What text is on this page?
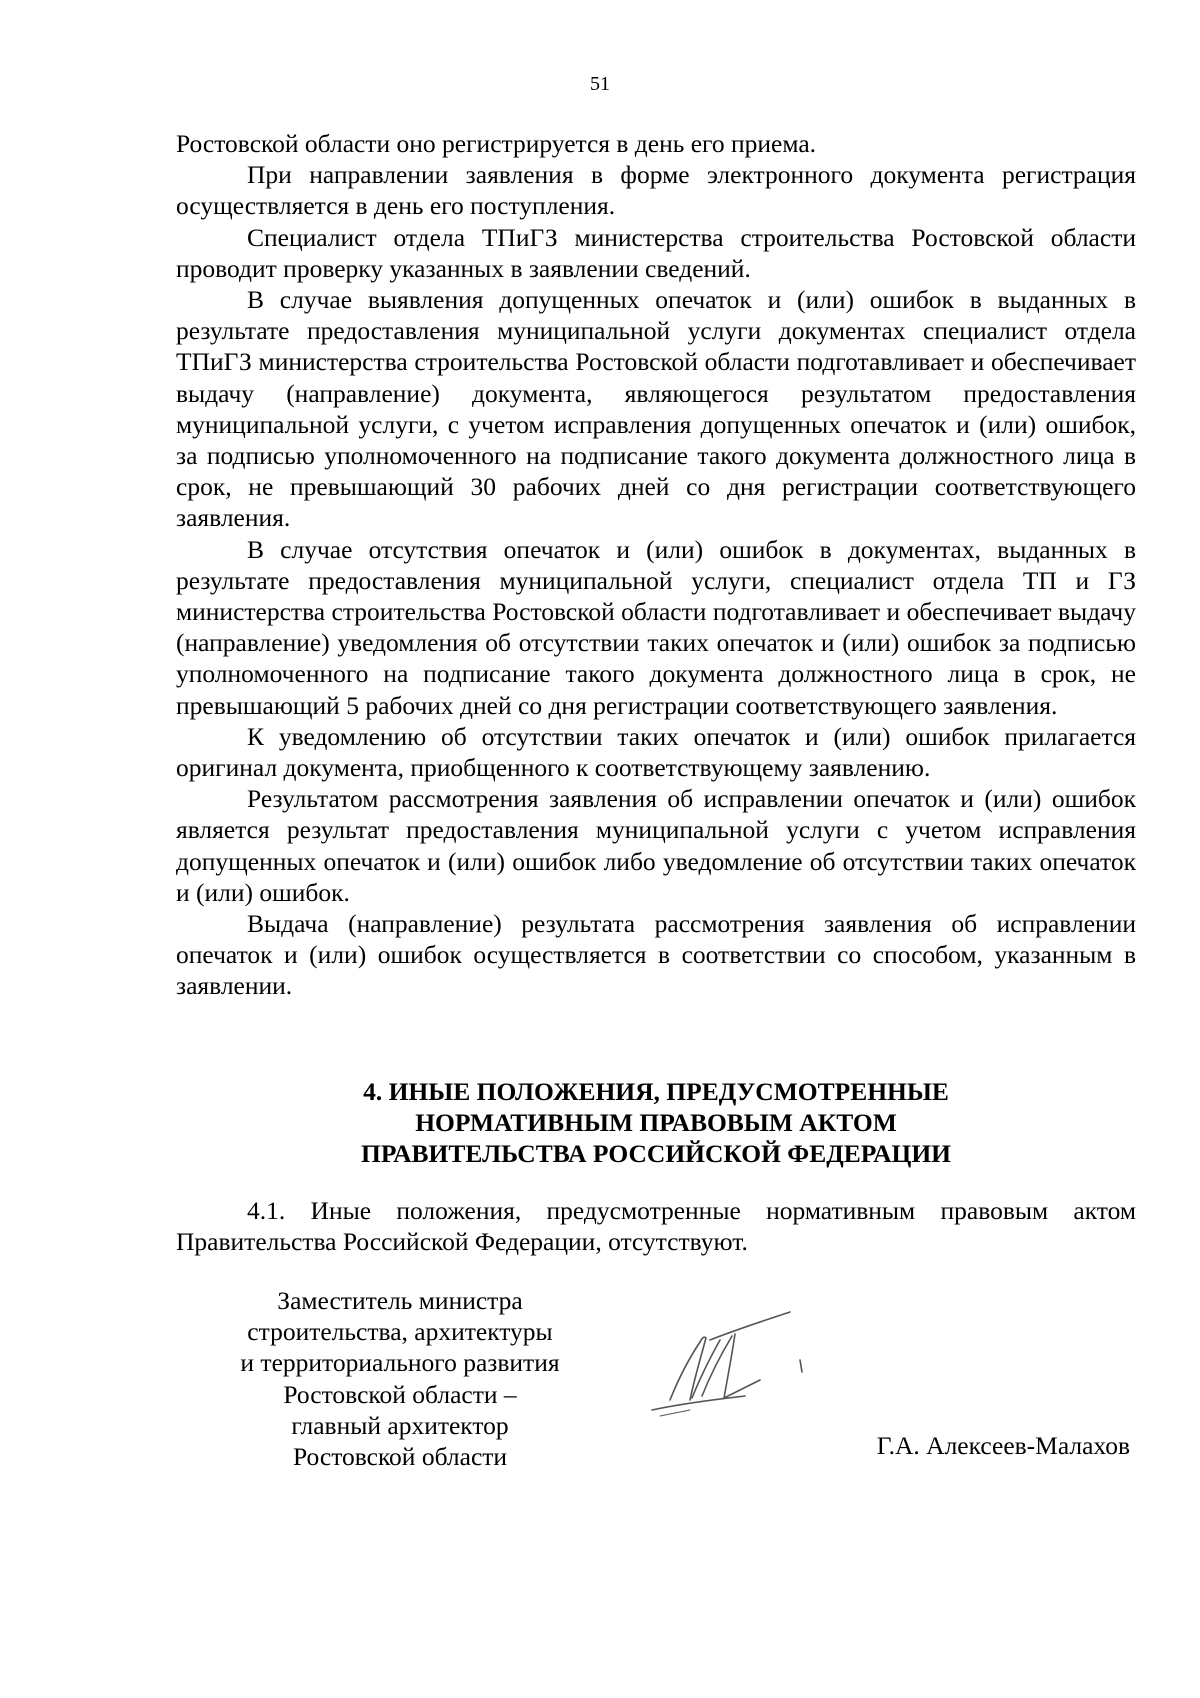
51

Ростовской области оно регистрируется в день его приема.

При направлении заявления в форме электронного документа регистрация осуществляется в день его поступления.

Специалист отдела ТПиГЗ министерства строительства Ростовской области проводит проверку указанных в заявлении сведений.

В случае выявления допущенных опечаток и (или) ошибок в выданных в результате предоставления муниципальной услуги документах специалист отдела ТПиГЗ министерства строительства Ростовской области подготавливает и обеспечивает выдачу (направление) документа, являющегося результатом предоставления муниципальной услуги, с учетом исправления допущенных опечаток и (или) ошибок, за подписью уполномоченного на подписание такого документа должностного лица в срок, не превышающий 30 рабочих дней со дня регистрации соответствующего заявления.

В случае отсутствия опечаток и (или) ошибок в документах, выданных в результате предоставления муниципальной услуги, специалист отдела ТП и ГЗ министерства строительства Ростовской области подготавливает и обеспечивает выдачу (направление) уведомления об отсутствии таких опечаток и (или) ошибок за подписью уполномоченного на подписание такого документа должностного лица в срок, не превышающий 5 рабочих дней со дня регистрации соответствующего заявления.

К уведомлению об отсутствии таких опечаток и (или) ошибок прилагается оригинал документа, приобщенного к соответствующему заявлению.

Результатом рассмотрения заявления об исправлении опечаток и (или) ошибок является результат предоставления муниципальной услуги с учетом исправления допущенных опечаток и (или) ошибок либо уведомление об отсутствии таких опечаток и (или) ошибок.

Выдача (направление) результата рассмотрения заявления об исправлении опечаток и (или) ошибок осуществляется в соответствии со способом, указанным в заявлении.

4. ИНЫЕ ПОЛОЖЕНИЯ, ПРЕДУСМОТРЕННЫЕ
НОРМАТИВНЫМ ПРАВОВЫМ АКТОМ
ПРАВИТЕЛЬСТВА РОССИЙСКОЙ ФЕДЕРАЦИИ

4.1. Иные положения, предусмотренные нормативным правовым актом Правительства Российской Федерации, отсутствуют.

Заместитель министра
строительства, архитектуры
и территориального развития
Ростовской области –
главный архитектор
Ростовской области	Г.А. Алексеев-Малахов
